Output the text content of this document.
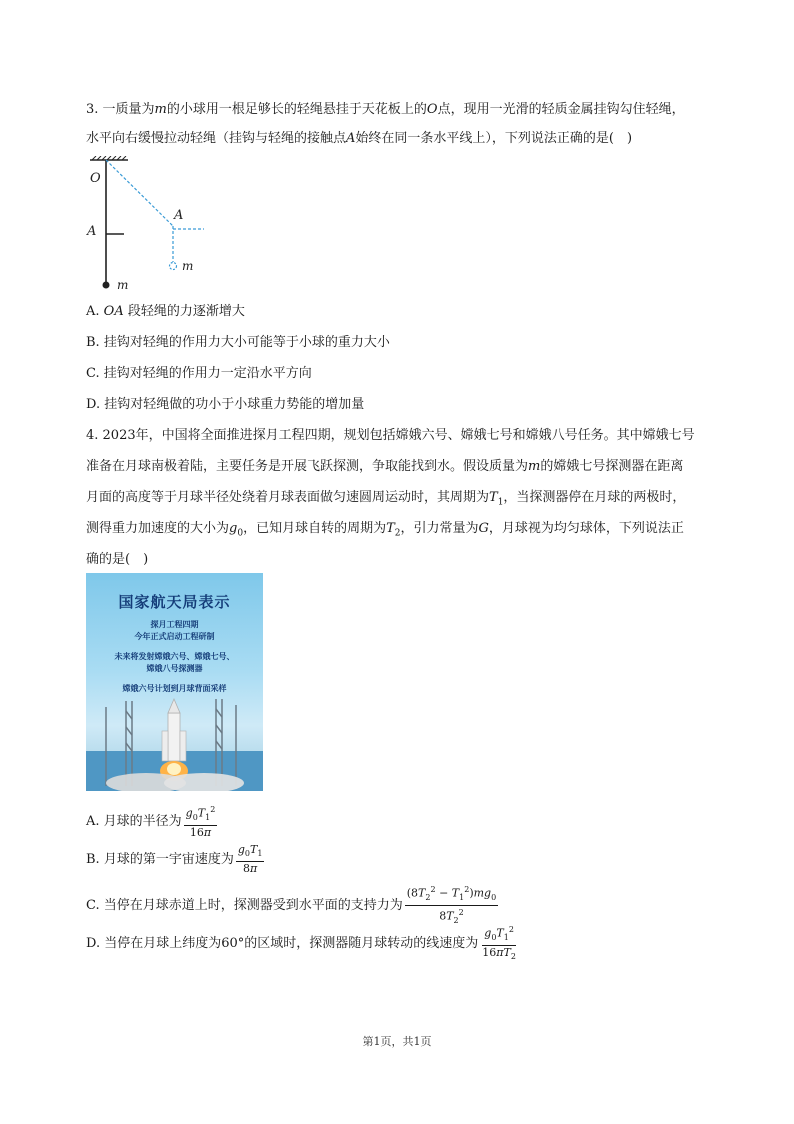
3. 一质量为m的小球用一根足够长的轻绳悬挂于天花板上的O点，现用一光滑的轻质金属挂钩勾住轻绳，
水平向右缓慢拉动轻绳（挂钩与轻绳的接触点A始终在同一条水平线上），下列说法正确的是(　)
O
A
A
m
m
A. OA 段轻绳的力逐渐增大
B. 挂钩对轻绳的作用力大小可能等于小球的重力大小
C. 挂钩对轻绳的作用力一定沿水平方向
D. 挂钩对轻绳做的功小于小球重力势能的增加量
4. 2023年，中国将全面推进探月工程四期，规划包括嫦娥六号、嫦娥七号和嫦娥八号任务。其中嫦娥七号
准备在月球南极着陆，主要任务是开展飞跃探测，争取能找到水。假设质量为m的嫦娥七号探测器在距离
月面的高度等于月球半径处绕着月球表面做匀速圆周运动时，其周期为$T_1$，当探测器停在月球的两极时，
测得重力加速度的大小为$g_0$，已知月球自转的周期为$T_2$，引力常量为G，月球视为均匀球体，下列说法正
确的是(　)
国家航天局表示
探月工程四期
今年正式启动工程研制
未来将发射嫦娥六号、嫦娥七号、
嫦娥八号探测器
嫦娥六号计划到月球背面采样
A. 月球的半径为 $\frac{g_0T_1^2}{16\pi}$
B. 月球的第一宇宙速度为 $\frac{g_0T_1}{8\pi}$
C. 当停在月球赤道上时，探测器受到水平面的支持力为 $\frac{(8T_2^2 - T_1^2)mg_0}{8T_2^2}$
D. 当停在月球上纬度为60°的区域时，探测器随月球转动的线速度为 $\frac{g_0T_1^2}{16\pi T_2}$
第1页，共1页
